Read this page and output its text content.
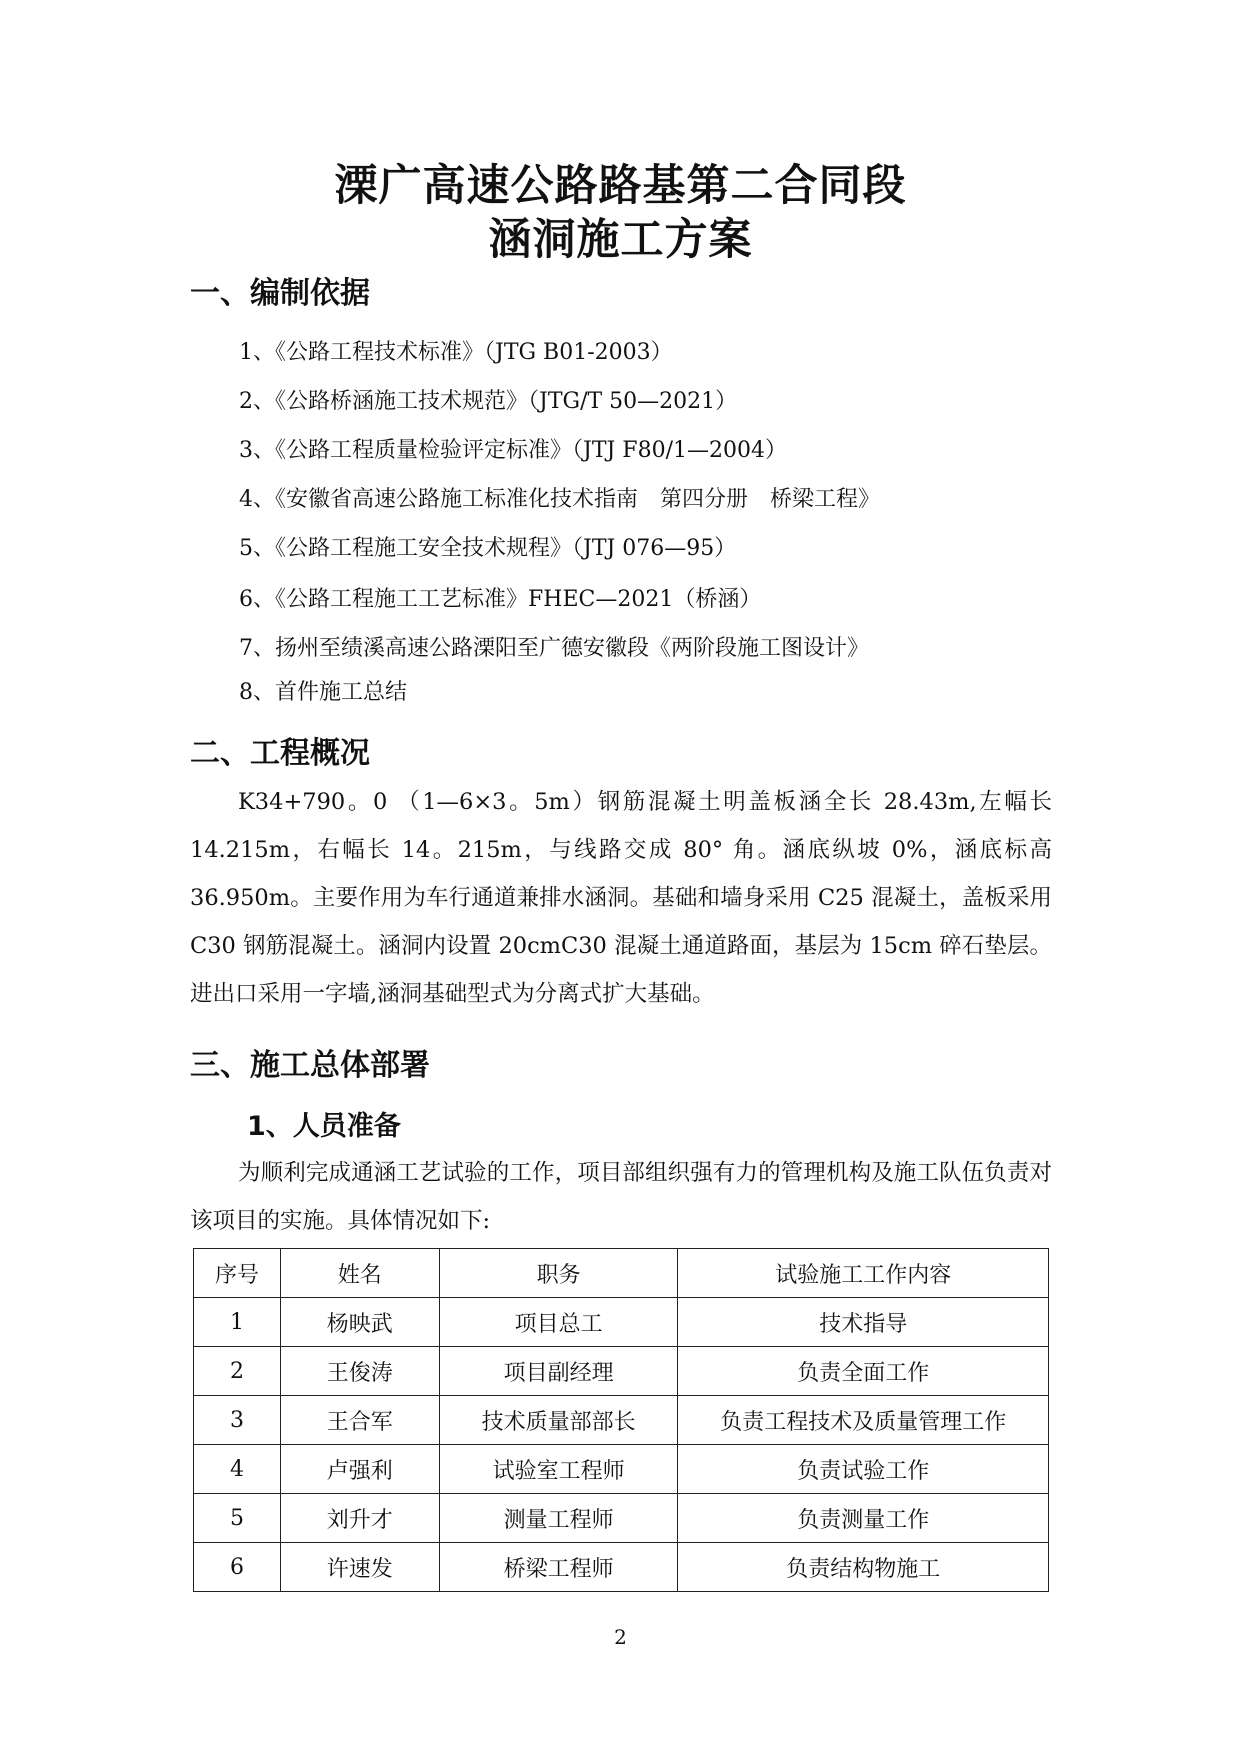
溧广高速公路路基第二合同段
涵洞施工方案
一、编制依据
1、《公路工程技术标准》（JTG B01-2003）
2、《公路桥涵施工技术规范》（JTG/T 50—2021）
3、《公路工程质量检验评定标准》（JTJ F80/1—2004）
4、《安徽省高速公路施工标准化技术指南　第四分册　桥梁工程》
5、《公路工程施工安全技术规程》（JTJ 076—95）
6、《公路工程施工工艺标准》FHEC—2021（桥涵）
7、扬州至绩溪高速公路溧阳至广德安徽段《两阶段施工图设计》
8、首件施工总结
二、工程概况
K34+790。0 （1—6×3。5m）钢筋混凝土明盖板涵全长 28.43m,左幅长 14.215m，右幅长 14。215m，与线路交成 80° 角。涵底纵坡 0%，涵底标高 36.950m。主要作用为车行通道兼排水涵洞。基础和墙身采用 C25 混凝土，盖板采用 C30 钢筋混凝土。涵洞内设置 20cmC30 混凝土通道路面，基层为 15cm 碎石垫层。进出口采用一字墙,涵洞基础型式为分离式扩大基础。
三、施工总体部署
1、人员准备
为顺利完成通涵工艺试验的工作，项目部组织强有力的管理机构及施工队伍负责对该项目的实施。具体情况如下:
序号	姓名	职务	试验施工工作内容
1	杨映武	项目总工	技术指导
2	王俊涛	项目副经理	负责全面工作
3	王合军	技术质量部部长	负责工程技术及质量管理工作
4	卢强利	试验室工程师	负责试验工作
5	刘升才	测量工程师	负责测量工作
6	许速发	桥梁工程师	负责结构物施工
2
